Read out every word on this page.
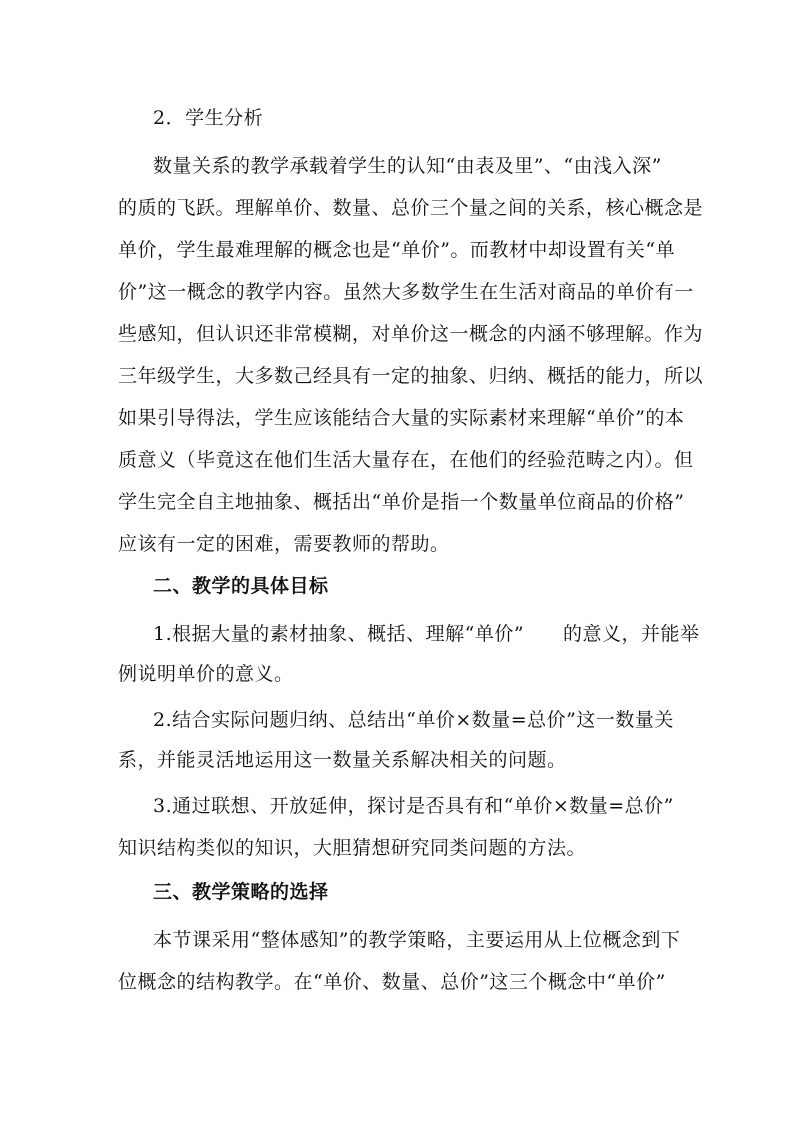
2．学生分析
数量关系的教学承载着学生的认知“由表及里”、“由浅入深”
的质的飞跃。理解单价、数量、总价三个量之间的关系，核心概念是
单价，学生最难理解的概念也是“单价”。而教材中却设置有关“单
价”这一概念的教学内容。虽然大多数学生在生活对商品的单价有一
些感知，但认识还非常模糊，对单价这一概念的内涵不够理解。作为
三年级学生，大多数己经具有一定的抽象、归纳、概括的能力，所以
如果引导得法，学生应该能结合大量的实际素材来理解“单价”的本
质意义（毕竟这在他们生活大量存在，在他们的经验范畴之内）。但
学生完全自主地抽象、概括出“单价是指一个数量单位商品的价格”
应该有一定的困难，需要教师的帮助。
二、教学的具体目标
1.根据大量的素材抽象、概括、理解“单价”　　的意义，并能举
例说明单价的意义。
2.结合实际问题归纳、总结出“单价×数量=总价”这一数量关
系，并能灵活地运用这一数量关系解决相关的问题。
3.通过联想、开放延伸，探讨是否具有和“单价×数量=总价”
知识结构类似的知识，大胆猜想研究同类问题的方法。
三、教学策略的选择
本节课采用“整体感知”的教学策略，主要运用从上位概念到下
位概念的结构教学。在“单价、数量、总价”这三个概念中“单价”
